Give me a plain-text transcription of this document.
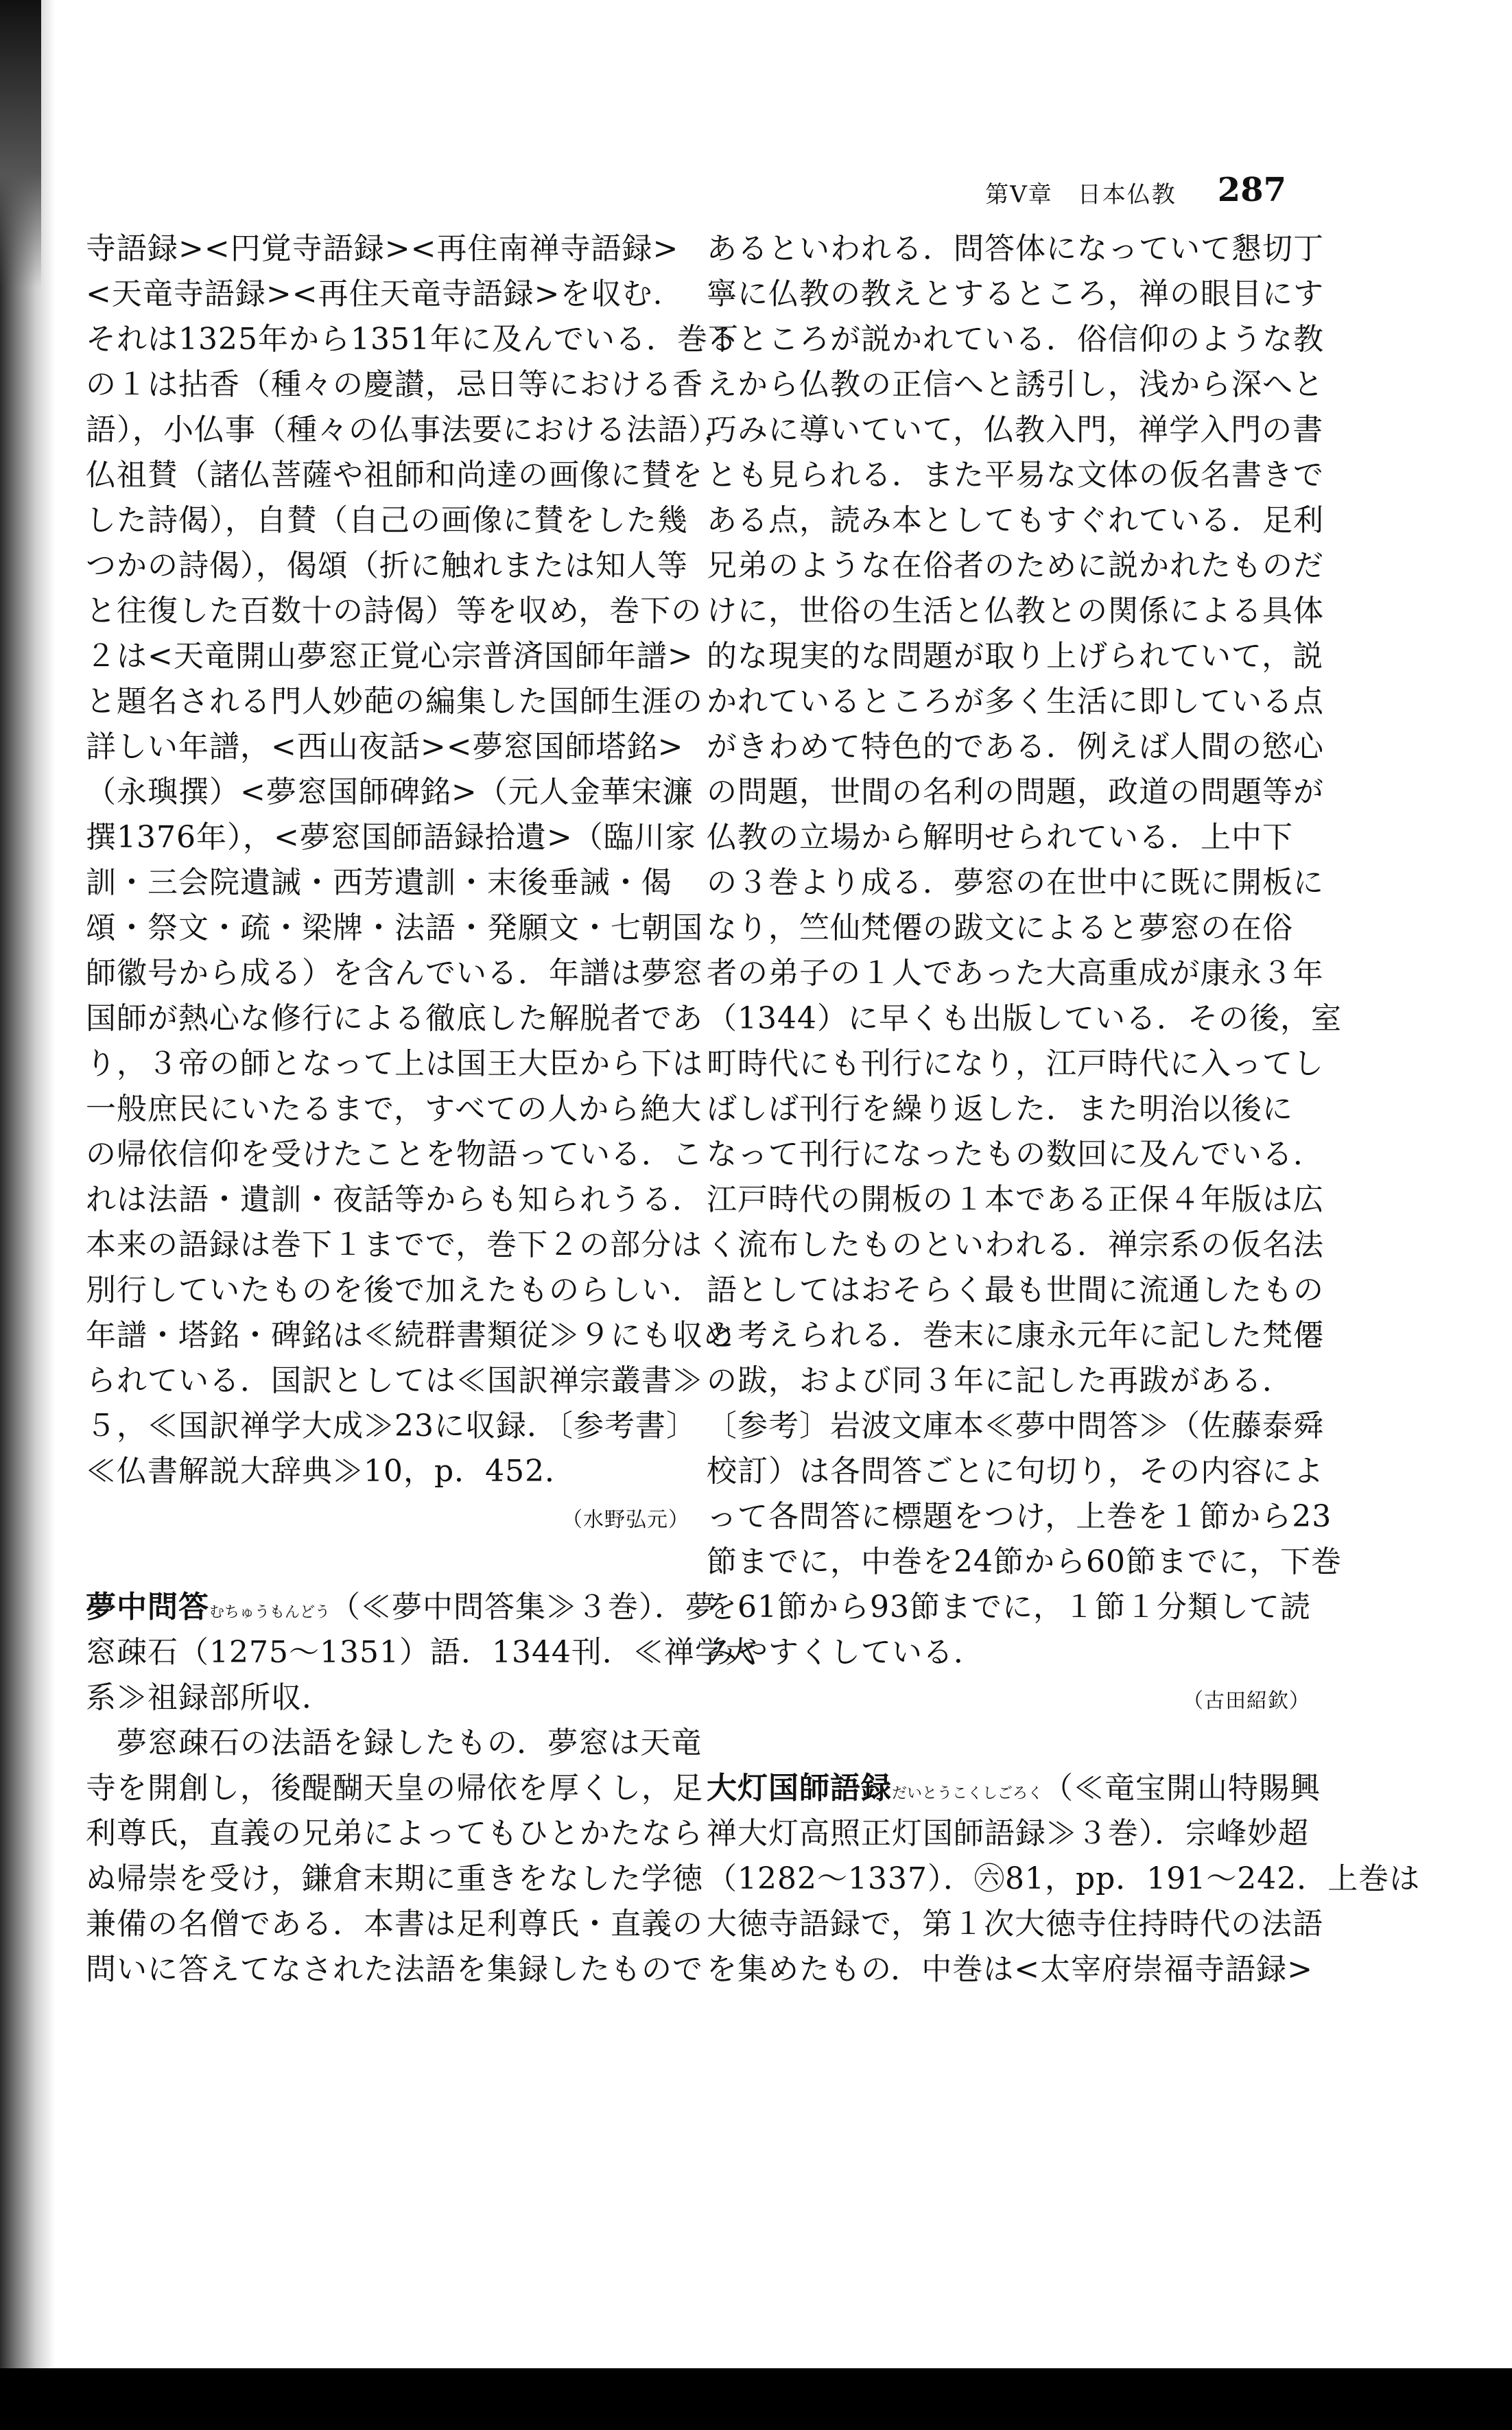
第V章　日本仏教 287
寺語録><円覚寺語録><再住南禅寺語録>
<天竜寺語録><再住天竜寺語録>を収む.
それは1325年から1351年に及んでいる．巻下
の１は拈香（種々の慶讃，忌日等における香
語），小仏事（種々の仏事法要における法語），
仏祖賛（諸仏菩薩や祖師和尚達の画像に賛を
した詩偈），自賛（自己の画像に賛をした幾
つかの詩偈），偈頌（折に触れまたは知人等
と往復した百数十の詩偈）等を収め，巻下の
２は<天竜開山夢窓正覚心宗普済国師年譜>
と題名される門人妙葩の編集した国師生涯の
詳しい年譜，<西山夜話><夢窓国師塔銘>
（永璵撰）<夢窓国師碑銘>（元人金華宋濂
撰1376年），<夢窓国師語録拾遺>（臨川家
訓・三会院遺誡・西芳遺訓・末後垂誡・偈
頌・祭文・疏・梁牌・法語・発願文・七朝国
師徽号から成る）を含んでいる．年譜は夢窓
国師が熱心な修行による徹底した解脱者であ
り，３帝の師となって上は国王大臣から下は
一般庶民にいたるまで，すべての人から絶大
の帰依信仰を受けたことを物語っている．こ
れは法語・遺訓・夜話等からも知られうる．
本来の語録は巻下１までで，巻下２の部分は
別行していたものを後で加えたものらしい．
年譜・塔銘・碑銘は≪続群書類従≫９にも収め
られている．国訳としては≪国訳禅宗叢書≫
５，≪国訳禅学大成≫23に収録．〔参考書〕
≪仏書解説大辞典≫10，p．452．
（水野弘元）
夢中問答むちゅうもんどう（≪夢中問答集≫３巻）．夢
窓疎石（1275～1351）語．1344刊．≪禅学大
系≫祖録部所収．
　夢窓疎石の法語を録したもの．夢窓は天竜
寺を開創し，後醍醐天皇の帰依を厚くし，足
利尊氏，直義の兄弟によってもひとかたなら
ぬ帰崇を受け，鎌倉末期に重きをなした学徳
兼備の名僧である．本書は足利尊氏・直義の
問いに答えてなされた法語を集録したもので
あるといわれる．問答体になっていて懇切丁
寧に仏教の教えとするところ，禅の眼目にす
るところが説かれている．俗信仰のような教
えから仏教の正信へと誘引し，浅から深へと
巧みに導いていて，仏教入門，禅学入門の書
とも見られる．また平易な文体の仮名書きで
ある点，読み本としてもすぐれている．足利
兄弟のような在俗者のために説かれたものだ
けに，世俗の生活と仏教との関係による具体
的な現実的な問題が取り上げられていて，説
かれているところが多く生活に即している点
がきわめて特色的である．例えば人間の慾心
の問題，世間の名利の問題，政道の問題等が
仏教の立場から解明せられている．上中下
の３巻より成る．夢窓の在世中に既に開板に
なり，竺仙梵僊の跋文によると夢窓の在俗
者の弟子の１人であった大高重成が康永３年
（1344）に早くも出版している．その後，室
町時代にも刊行になり，江戸時代に入ってし
ばしば刊行を繰り返した．また明治以後に
なって刊行になったもの数回に及んでいる．
江戸時代の開板の１本である正保４年版は広
く流布したものといわれる．禅宗系の仮名法
語としてはおそらく最も世間に流通したもの
と考えられる．巻末に康永元年に記した梵僊
の跋，および同３年に記した再跋がある．
〔参考〕岩波文庫本≪夢中問答≫（佐藤泰舜
校訂）は各問答ごとに句切り，その内容によ
って各問答に標題をつけ，上巻を１節から23
節までに，中巻を24節から60節までに，下巻
を61節から93節までに，１節１分類して読
みやすくしている．
（古田紹欽）
大灯国師語録だいとうこくしごろく（≪竜宝開山特賜興
禅大灯高照正灯国師語録≫３巻）．宗峰妙超
（1282～1337）．㊅81，pp．191～242．上巻は
大徳寺語録で，第１次大徳寺住持時代の法語
を集めたもの．中巻は<太宰府崇福寺語録>
